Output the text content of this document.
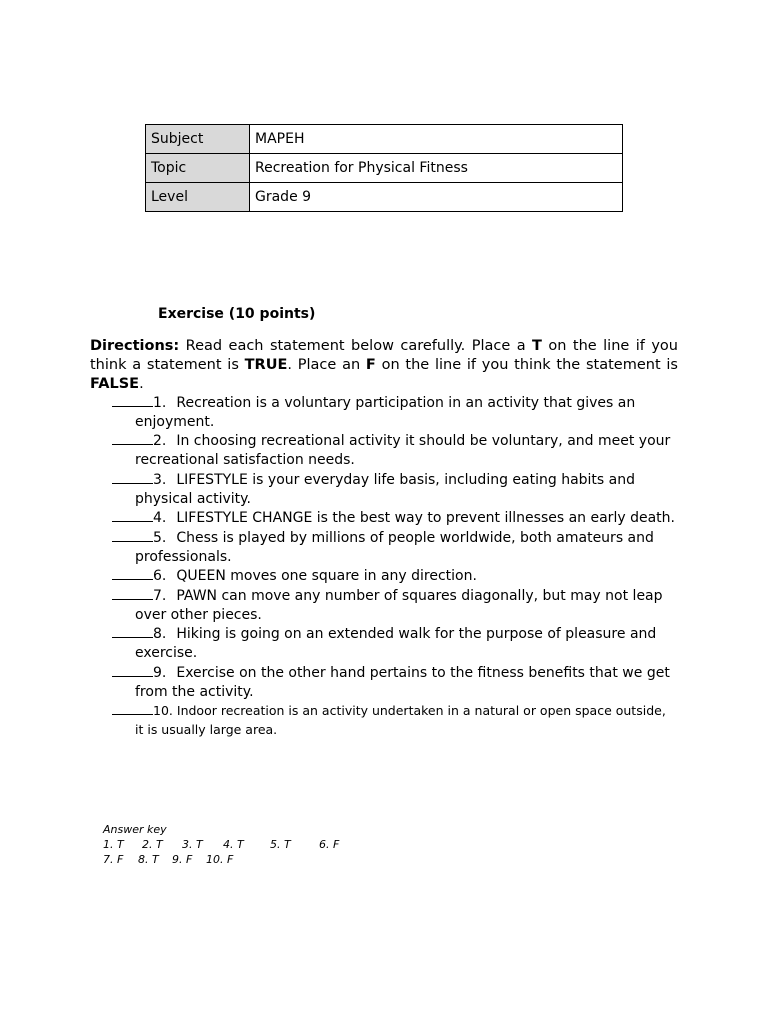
Subject	MAPEH
Topic	Recreation for Physical Fitness
Level	Grade 9
Exercise (10 points)
Directions: Read each statement below carefully. Place a T on the line if you think a statement is TRUE. Place an F on the line if you think the statement is FALSE.
1. Recreation is a voluntary participation in an activity that gives an enjoyment.
2. In choosing recreational activity it should be voluntary, and meet your recreational satisfaction needs.
3. LIFESTYLE is your everyday life basis, including eating habits and physical activity.
4. LIFESTYLE CHANGE is the best way to prevent illnesses an early death.
5. Chess is played by millions of people worldwide, both amateurs and professionals.
6. QUEEN moves one square in any direction.
7. PAWN can move any number of squares diagonally, but may not leap over other pieces.
8. Hiking is going on an extended walk for the purpose of pleasure and exercise.
9. Exercise on the other hand pertains to the fitness benefits that we get from the activity.
10. Indoor recreation is an activity undertaken in a natural or open space outside, it is usually large area.
Answer key
1. T 2. T 3. T 4. T 5. T	6. F
7. F 8. T 9. F 10. F
